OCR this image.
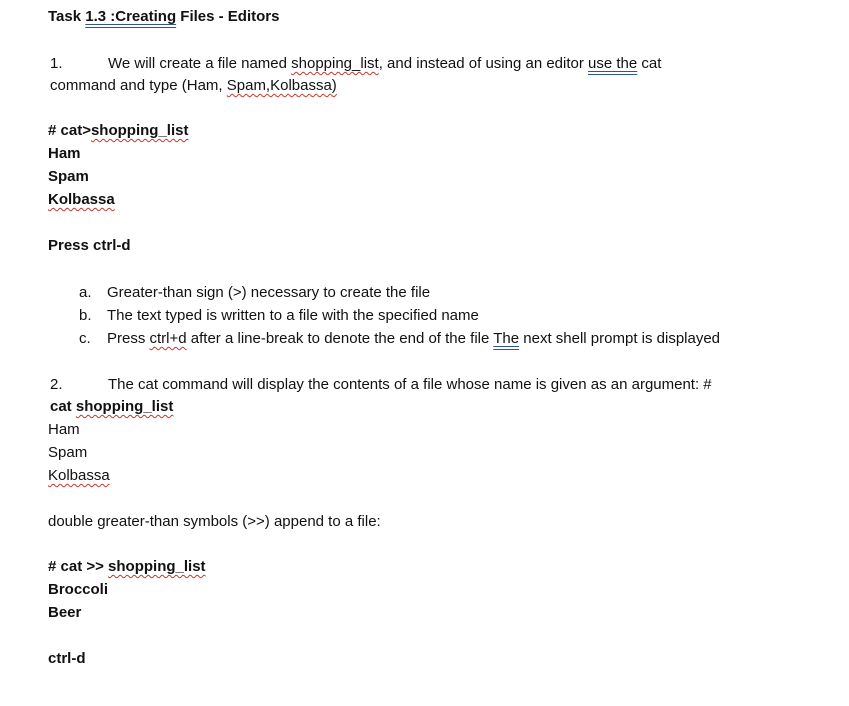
Task 1.3 :Creating Files - Editors
1.	We will create a file named shopping_list, and instead of using an editor use the cat
command and type (Ham, Spam,Kolbassa)
# cat>shopping_list
Ham
Spam
Kolbassa
Press ctrl-d
a. Greater-than sign (>) necessary to create the file
b. The text typed is written to a file with the specified name
c. Press ctrl+d after a line-break to denote the end of the file The next shell prompt is displayed
2.	The cat command will display the contents of a file whose name is given as an argument: #
cat shopping_list
Ham
Spam
Kolbassa
double greater-than symbols (>>) append to a file:
# cat >> shopping_list
Broccoli
Beer
ctrl-d
